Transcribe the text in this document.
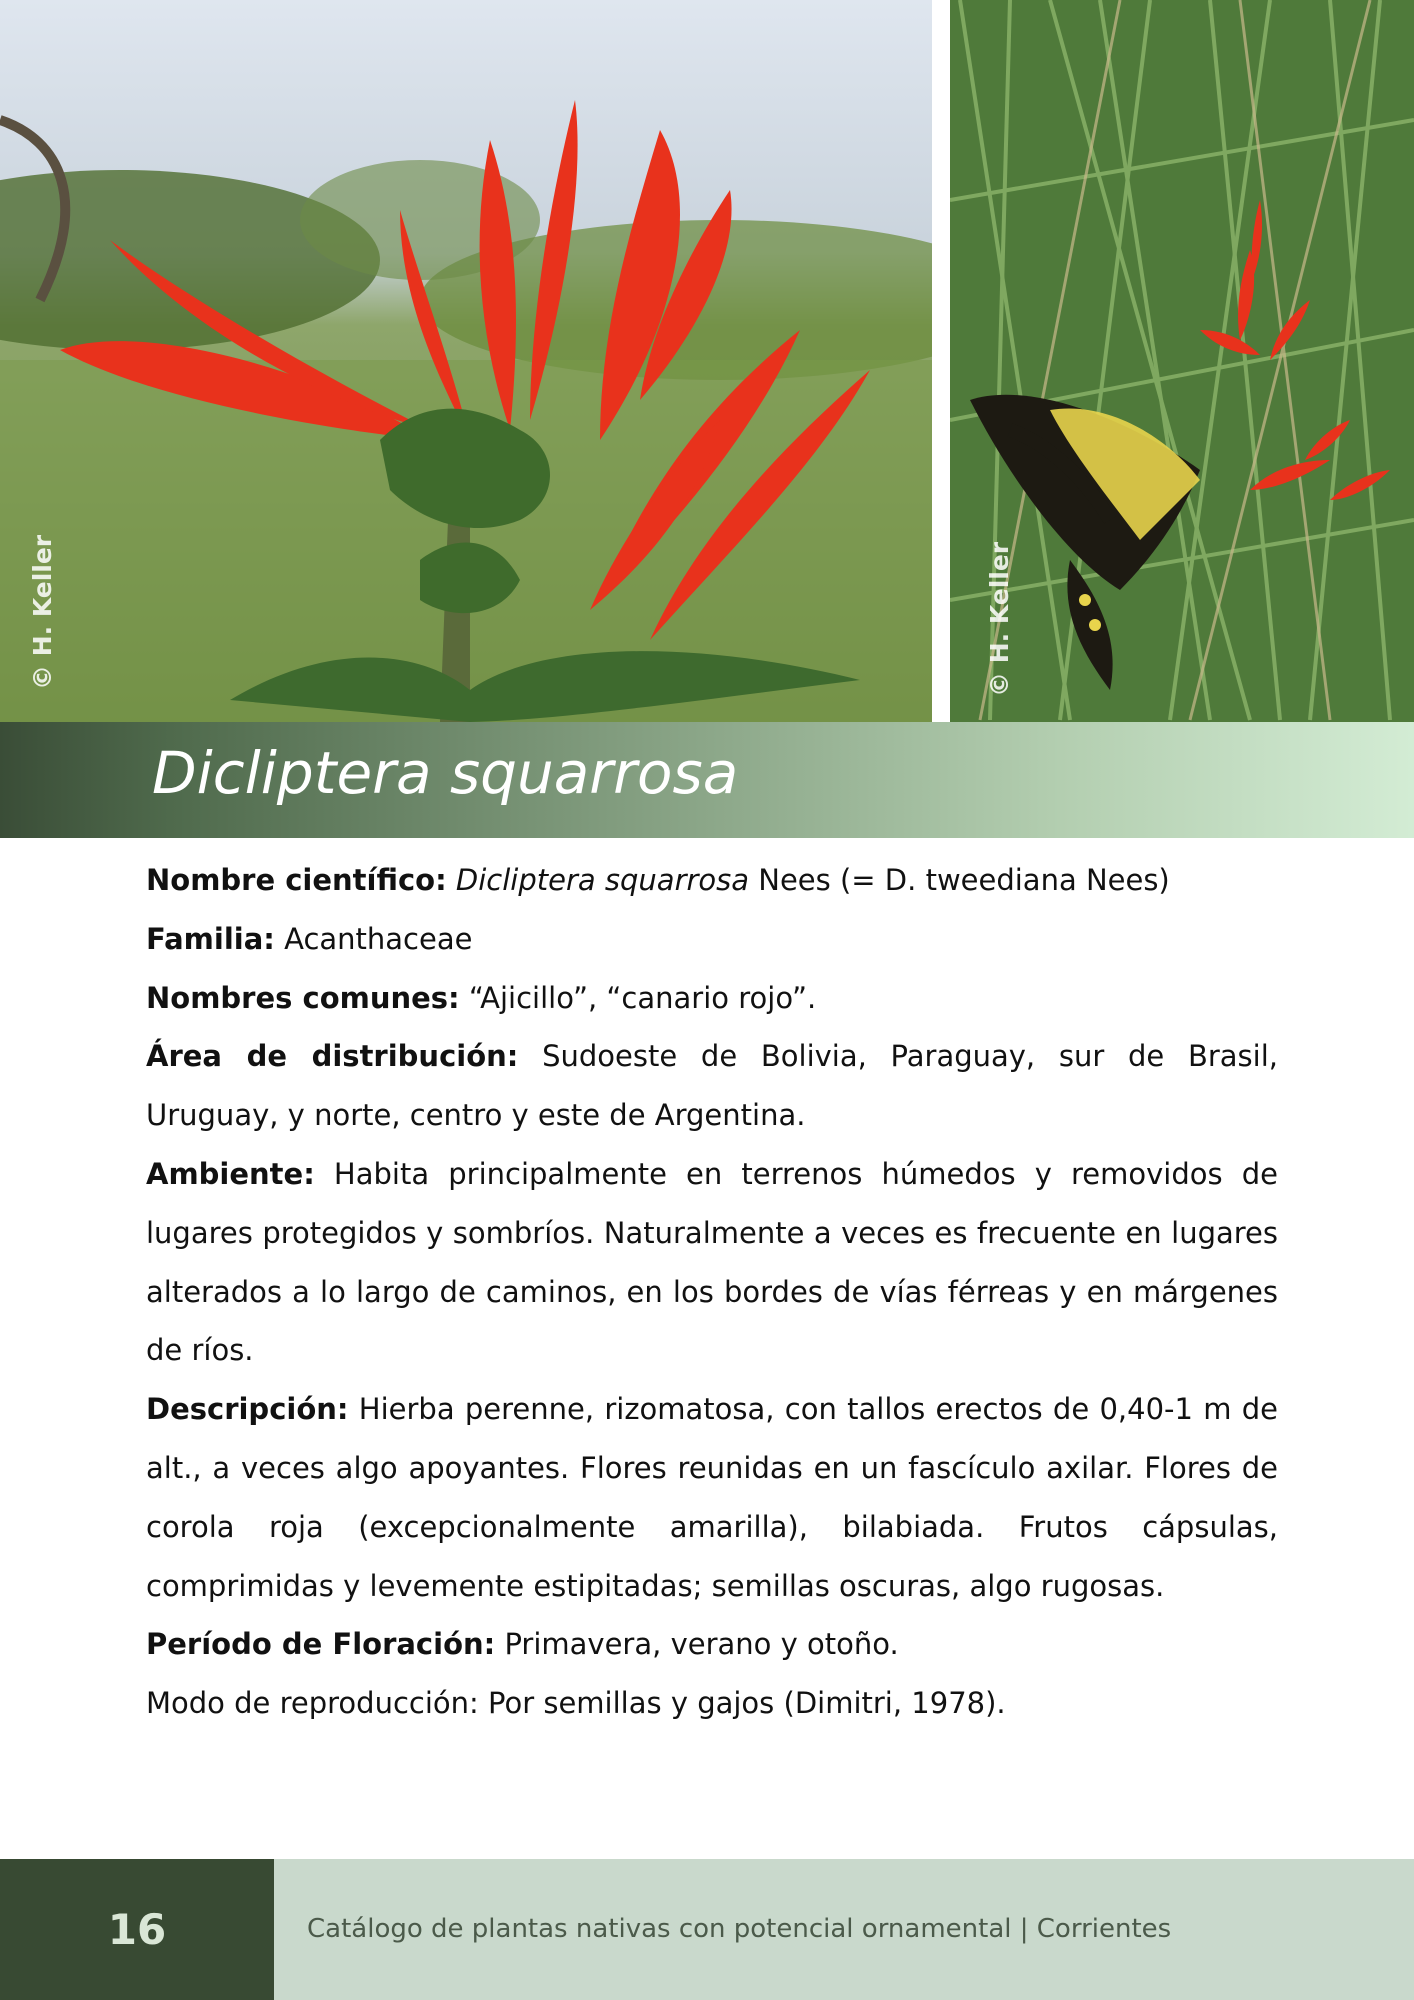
© H. Keller	© H. Keller
Dicliptera squarrosa

Nombre científico: Dicliptera squarrosa Nees (= D. tweediana Nees)

Familia: Acanthaceae

Nombres comunes: “Ajicillo”, “canario rojo”.

Área de distribución: Sudoeste de Bolivia, Paraguay, sur de Brasil, Uruguay, y norte, centro y este de Argentina.

Ambiente: Habita principalmente en terrenos húmedos y removidos de lugares protegidos y sombríos. Naturalmente a veces es frecuente en lugares alterados a lo largo de caminos, en los bordes de vías férreas y en márgenes de ríos.

Descripción: Hierba perenne, rizomatosa, con tallos erectos de 0,40-1 m de alt., a veces algo apoyantes. Flores reunidas en un fascículo axilar. Flores de corola roja (excepcionalmente amarilla), bilabiada. Frutos cápsulas, comprimidas y levemente estipitadas; semillas oscuras, algo rugosas.

Período de Floración: Primavera, verano y otoño.

Modo de reproducción: Por semillas y gajos (Dimitri, 1978).

16	Catálogo de plantas nativas con potencial ornamental | Corrientes
